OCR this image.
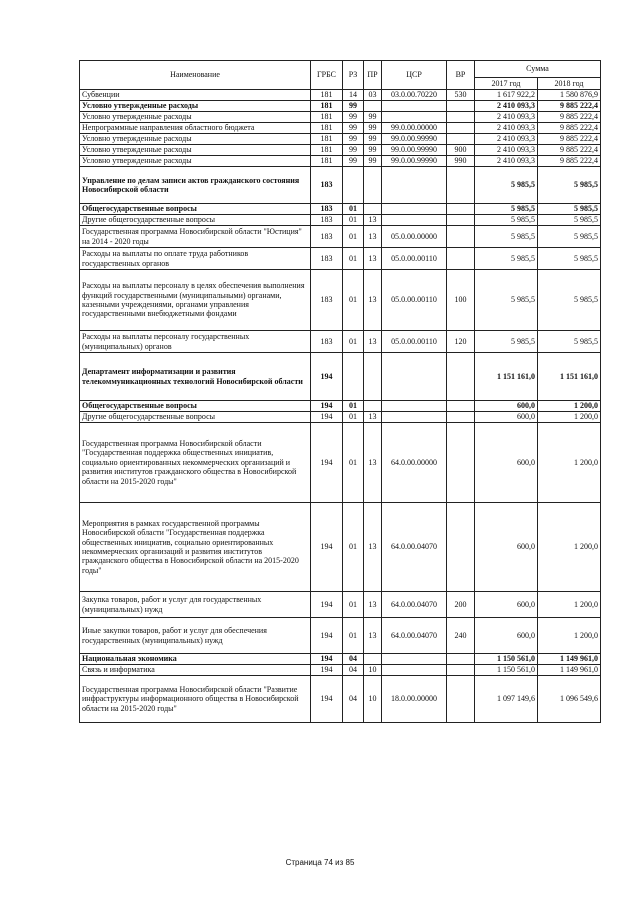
Наименование	ГРБС	РЗ	ПР	ЦСР	ВР	Сумма	
						2017 год	2018 год
Субвенции	181	14	03	03.0.00.70220	530	1 617 922,2	1 580 876,9
Условно утвержденные расходы	181	99				2 410 093,3	9 885 222,4
Условно утвержденные расходы	181	99	99			2 410 093,3	9 885 222,4
Непрограммные направления областного бюджета	181	99	99	99.0.00.00000		2 410 093,3	9 885 222,4
Условно утвержденные расходы	181	99	99	99.0.00.99990		2 410 093,3	9 885 222,4
Условно утвержденные расходы	181	99	99	99.0.00.99990	900	2 410 093,3	9 885 222,4
Условно утвержденные расходы	181	99	99	99.0.00.99990	990	2 410 093,3	9 885 222,4
Управление по делам записи актов гражданского состояния Новосибирской области	183					5 985,5	5 985,5
Общегосударственные вопросы	183	01				5 985,5	5 985,5
Другие общегосударственные вопросы	183	01	13			5 985,5	5 985,5
Государственная программа Новосибирской области "Юстиция" на 2014 - 2020 годы	183	01	13	05.0.00.00000		5 985,5	5 985,5
Расходы на выплаты по оплате труда работников государственных органов	183	01	13	05.0.00.00110		5 985,5	5 985,5
Расходы на выплаты персоналу в целях обеспечения выполнения функций государственными (муниципальными) органами, казенными учреждениями, органами управления государственными внебюджетными фондами	183	01	13	05.0.00.00110	100	5 985,5	5 985,5
Расходы на выплаты персоналу государственных (муниципальных) органов	183	01	13	05.0.00.00110	120	5 985,5	5 985,5
Департамент информатизации и развития телекоммуникационных технологий Новосибирской области	194					1 151 161,0	1 151 161,0
Общегосударственные вопросы	194	01				600,0	1 200,0
Другие общегосударственные вопросы	194	01	13			600,0	1 200,0
Государственная программа Новосибирской области "Государственная поддержка общественных инициатив, социально ориентированных некоммерческих организаций и развития институтов гражданского общества в Новосибирской области на 2015-2020 годы"	194	01	13	64.0.00.00000		600,0	1 200,0
Мероприятия в рамках государственной программы Новосибирской области "Государственная поддержка общественных инициатив, социально ориентированных некоммерческих организаций и развития институтов гражданского общества в Новосибирской области на 2015-2020 годы"	194	01	13	64.0.00.04070		600,0	1 200,0
Закупка товаров, работ и услуг для государственных (муниципальных) нужд	194	01	13	64.0.00.04070	200	600,0	1 200,0
Иные закупки товаров, работ и услуг для обеспечения государственных (муниципальных) нужд	194	01	13	64.0.00.04070	240	600,0	1 200,0
Национальная экономика	194	04				1 150 561,0	1 149 961,0
Связь и информатика	194	04	10			1 150 561,0	1 149 961,0
Государственная программа Новосибирской области "Развитие инфраструктуры информационного общества в Новосибирской области на 2015-2020 годы"	194	04	10	18.0.00.00000		1 097 149,6	1 096 549,6
Страница 74 из 85
